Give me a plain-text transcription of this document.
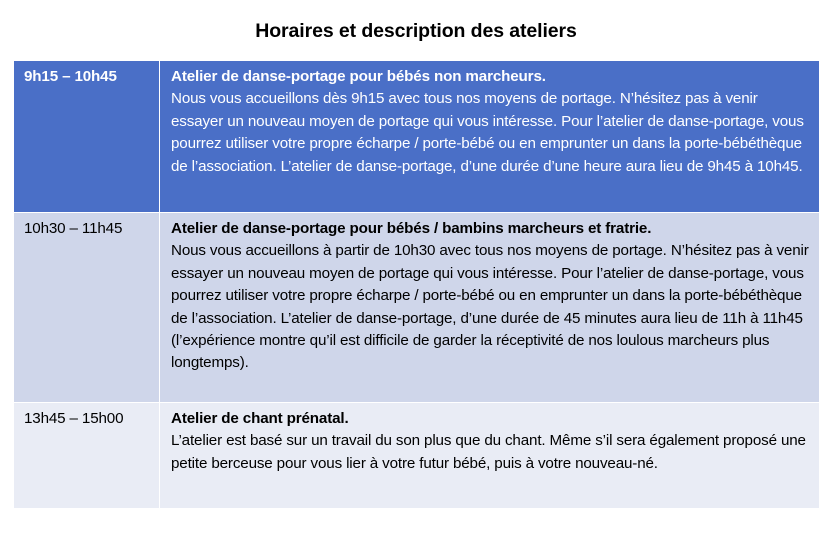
Horaires et description des ateliers
9h15 – 10h45	Atelier de danse-portage pour bébés non marcheurs.
Nous vous accueillons dès 9h15 avec tous nos moyens de portage. N’hésitez pas à venir essayer un nouveau moyen de portage qui vous intéresse. Pour l’atelier de danse-portage, vous pourrez utiliser votre propre écharpe / porte-bébé ou en emprunter un dans la porte-bébéthèque de l’association. L’atelier de danse-portage, d’une durée d’une heure aura lieu de 9h45 à 10h45.

10h30 – 11h45	Atelier de danse-portage pour bébés / bambins marcheurs et fratrie.
Nous vous accueillons à partir de 10h30 avec tous nos moyens de portage. N’hésitez pas à venir essayer un nouveau moyen de portage qui vous intéresse. Pour l’atelier de danse-portage, vous pourrez utiliser votre propre écharpe / porte-bébé ou en emprunter un dans la porte-bébéthèque de l’association. L’atelier de danse-portage, d’une durée de 45 minutes aura lieu de 11h à 11h45 (l’expérience montre qu’il est difficile de garder la réceptivité de nos loulous marcheurs plus longtemps).

13h45 – 15h00	Atelier de chant prénatal.
L’atelier est basé sur un travail du son plus que du chant. Même s’il sera également proposé une petite berceuse pour vous lier à votre futur bébé, puis à votre nouveau-né.
